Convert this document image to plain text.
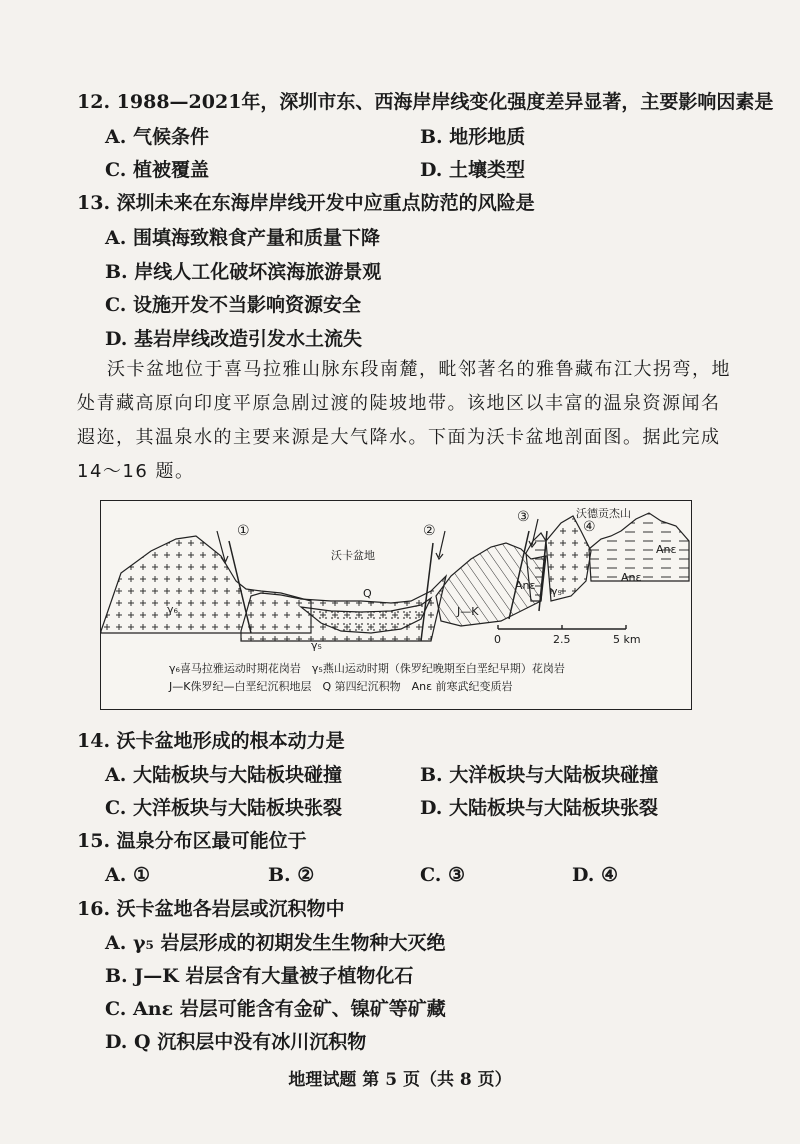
12. 1988—2021年，深圳市东、西海岸岸线变化强度差异显著，主要影响因素是
A. 气候条件	B. 地形地质
C. 植被覆盖	D. 土壤类型
13. 深圳未来在东海岸岸线开发中应重点防范的风险是
A. 围填海致粮食产量和质量下降
B. 岸线人工化破坏滨海旅游景观
C. 设施开发不当影响资源安全
D. 基岩岸线改造引发水土流失
沃卡盆地位于喜马拉雅山脉东段南麓，毗邻著名的雅鲁藏布江大拐弯，地
处青藏高原向印度平原急剧过渡的陡坡地带。该地区以丰富的温泉资源闻名
遐迩，其温泉水的主要来源是大气降水。下面为沃卡盆地剖面图。据此完成
14～16 题。
①	②
③
④
沃卡盆地
沃德贡杰山
Q
J—K
γ₆
γ₅
γ₅
Anε
Anε
Anε
0	2.5	5 km
γ₆喜马拉雅运动时期花岗岩　γ₅燕山运动时期（侏罗纪晚期至白垩纪早期）花岗岩
J—K侏罗纪—白垩纪沉积地层　Q 第四纪沉积物　Anε 前寒武纪变质岩
14. 沃卡盆地形成的根本动力是
A. 大陆板块与大陆板块碰撞	B. 大洋板块与大陆板块碰撞
C. 大洋板块与大陆板块张裂	D. 大陆板块与大陆板块张裂
15. 温泉分布区最可能位于
A. ①	B. ②	C. ③	D. ④
16. 沃卡盆地各岩层或沉积物中
A. γ₅ 岩层形成的初期发生生物种大灭绝
B. J—K 岩层含有大量被子植物化石
C. Anε 岩层可能含有金矿、镍矿等矿藏
D. Q 沉积层中没有冰川沉积物
地理试题 第 5 页（共 8 页）
